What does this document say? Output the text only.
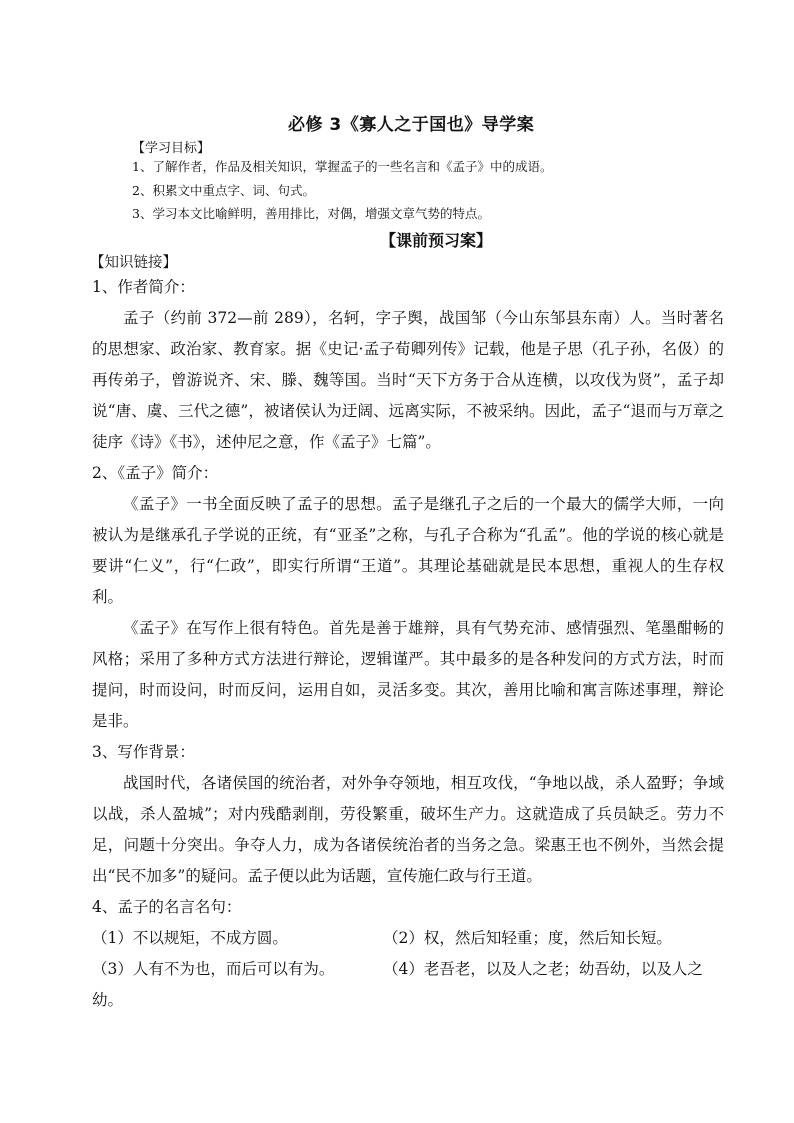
必修 3《寡人之于国也》导学案
【学习目标】
1、了解作者，作品及相关知识，掌握孟子的一些名言和《孟子》中的成语。
2、积累文中重点字、词、句式。
3、学习本文比喻鲜明，善用排比，对偶，增强文章气势的特点。
【课前预习案】
【知识链接】

1、作者简介：

孟子（约前 372—前 289），名轲，字子舆，战国邹（今山东邹县东南）人。当时著名的思想家、政治家、教育家。据《史记·孟子荀卿列传》记载，他是子思（孔子孙，名伋）的再传弟子，曾游说齐、宋、滕、魏等国。当时“天下方务于合从连横，以攻伐为贤”，孟子却说“唐、虞、三代之德”，被诸侯认为迂阔、远离实际，不被采纳。因此，孟子“退而与万章之徒序《诗》《书》，述仲尼之意，作《孟子》七篇”。

2、《孟子》简介：

《孟子》一书全面反映了孟子的思想。孟子是继孔子之后的一个最大的儒学大师，一向被认为是继承孔子学说的正统，有“亚圣”之称，与孔子合称为“孔孟”。他的学说的核心就是要讲“仁义”，行“仁政”，即实行所谓“王道”。其理论基础就是民本思想，重视人的生存权利。

《孟子》在写作上很有特色。首先是善于雄辩，具有气势充沛、感情强烈、笔墨酣畅的风格；采用了多种方式方法进行辩论，逻辑谨严。其中最多的是各种发问的方式方法，时而提问，时而设问，时而反问，运用自如，灵活多变。其次，善用比喻和寓言陈述事理，辩论是非。

3、写作背景：

战国时代，各诸侯国的统治者，对外争夺领地，相互攻伐，“争地以战，杀人盈野；争域以战，杀人盈城”；对内残酷剥削，劳役繁重，破坏生产力。这就造成了兵员缺乏。劳力不足，问题十分突出。争夺人力，成为各诸侯统治者的当务之急。梁惠王也不例外，当然会提出“民不加多”的疑问。孟子便以此为话题，宣传施仁政与行王道。

4、孟子的名言名句：

（1）不以规矩，不成方圆。	（2）权，然后知轻重；度，然后知长短。
（3）人有不为也，而后可以有为。	（4）老吾老，以及人之老；幼吾幼，以及人之

幼。
